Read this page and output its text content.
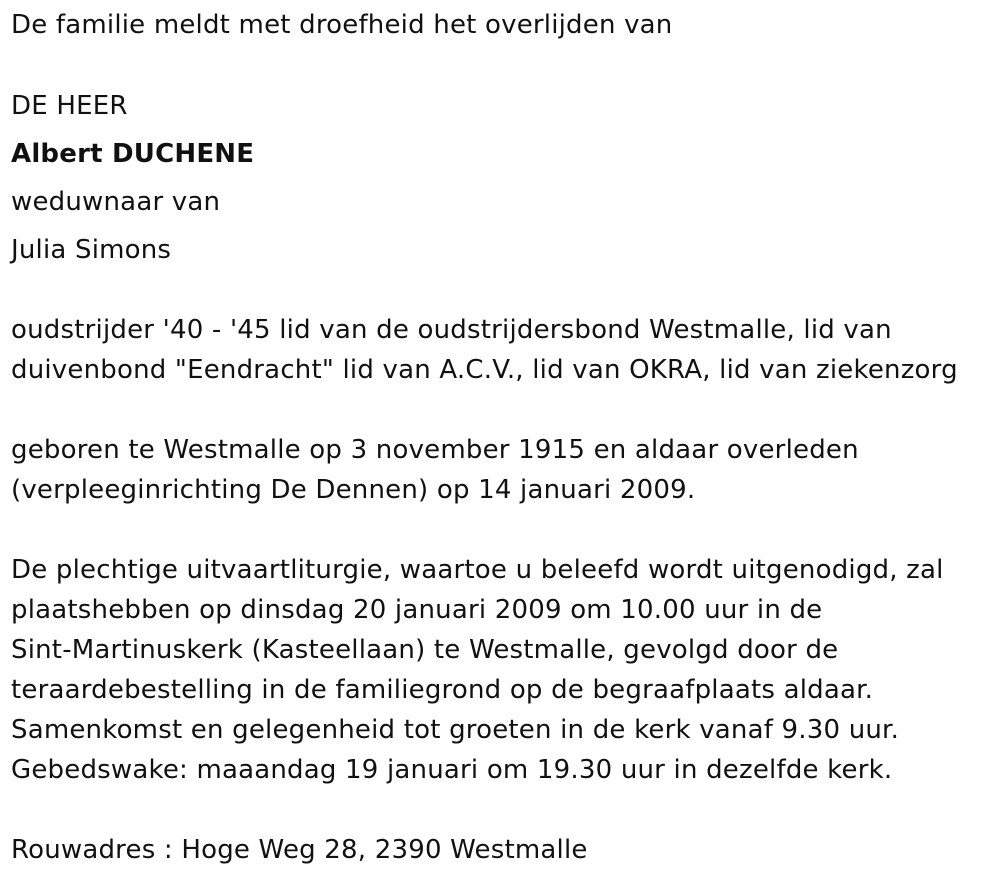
De familie meldt met droefheid het overlijden van
DE HEER
Albert DUCHENE
weduwnaar van
Julia Simons
oudstrijder '40 - '45 lid van de oudstrijdersbond Westmalle, lid van
duivenbond "Eendracht" lid van A.C.V., lid van OKRA, lid van ziekenzorg
geboren te Westmalle op 3 november 1915 en aldaar overleden
(verpleeginrichting De Dennen) op 14 januari 2009.
De plechtige uitvaartliturgie, waartoe u beleefd wordt uitgenodigd, zal
plaatshebben op dinsdag 20 januari 2009 om 10.00 uur in de
Sint-Martinuskerk (Kasteellaan) te Westmalle, gevolgd door de
teraardebestelling in de familiegrond op de begraafplaats aldaar.
Samenkomst en gelegenheid tot groeten in de kerk vanaf 9.30 uur.
Gebedswake: maaandag 19 januari om 19.30 uur in dezelfde kerk.
Rouwadres : Hoge Weg 28, 2390 Westmalle
